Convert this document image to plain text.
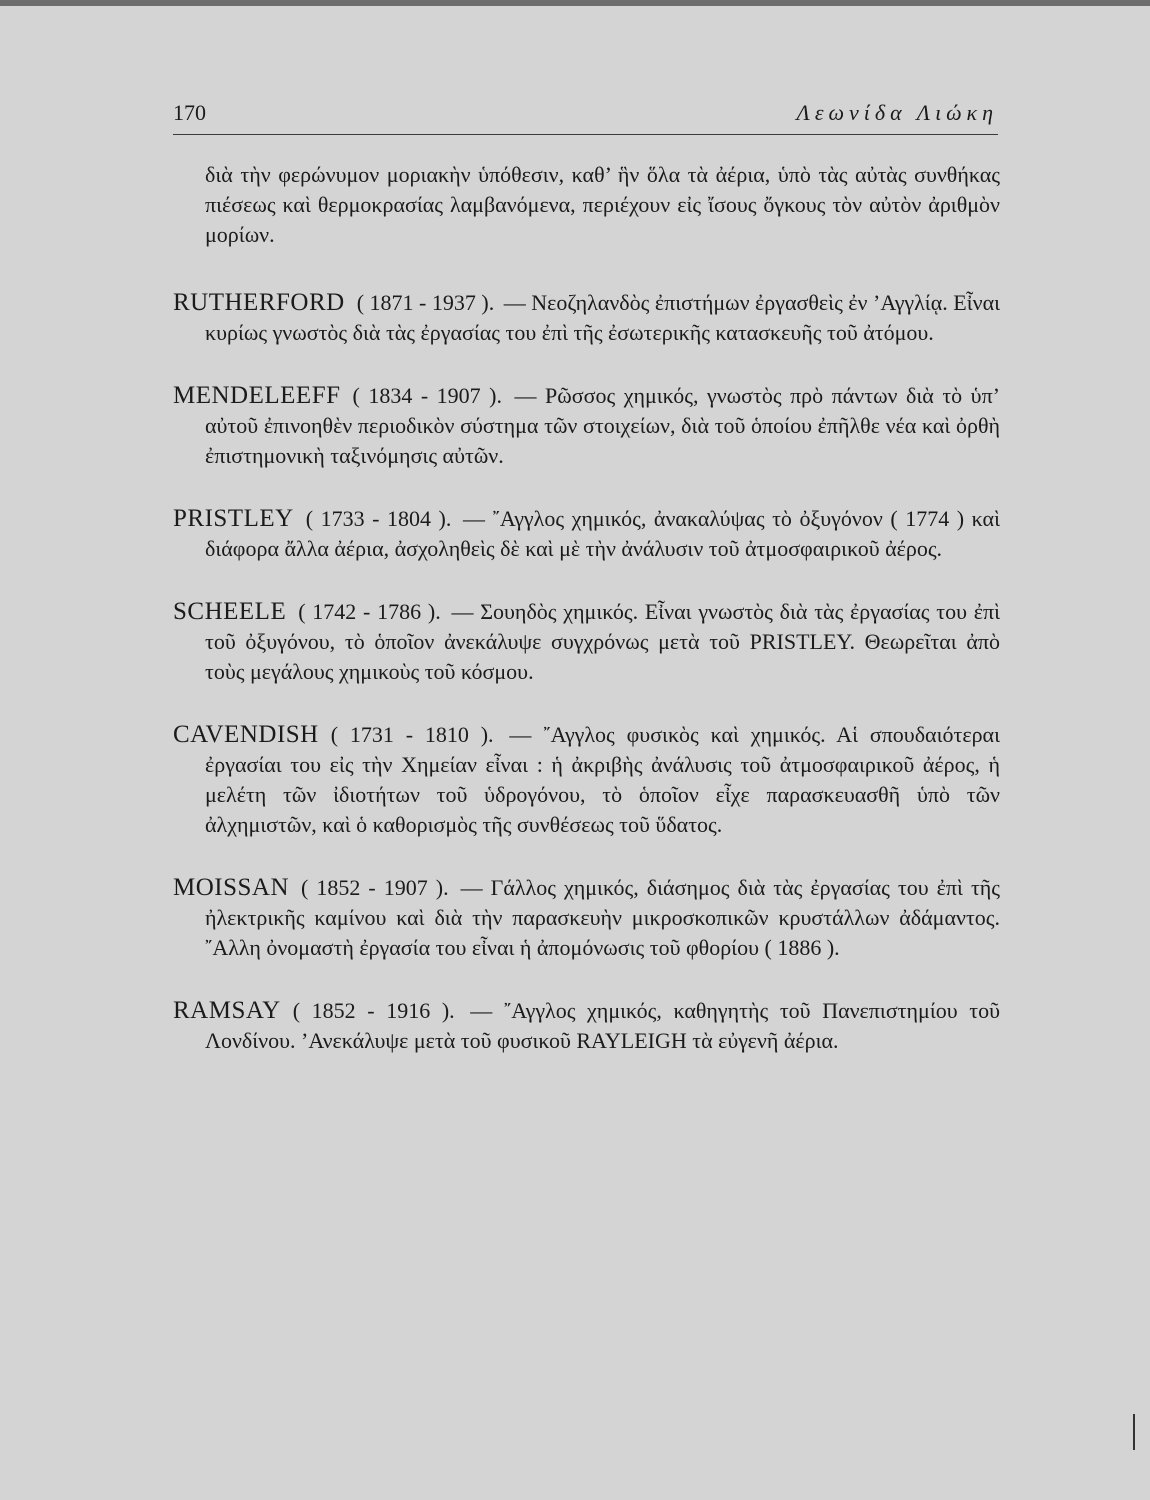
170	Λεωνίδα Λιώκη

διὰ τὴν φερώνυμον μοριακὴν ὑπόθεσιν, καθ’ ἣν ὅλα τὰ ἀέρια, ὑπὸ τὰς αὐτὰς συνθήκας πιέσεως καὶ θερμοκρασίας λαμβανόμενα, περιέχουν εἰς ἴσους ὄγκους τὸν αὐτὸν ἀριθμὸν μορίων.

RUTHERFORD ( 1871 - 1937 ). — Νεοζηλανδὸς ἐπιστήμων ἐργασθεὶς ἐν ’Αγγλίᾳ. Εἶναι κυρίως γνωστὸς διὰ τὰς ἐργασίας του ἐπὶ τῆς ἐσωτερικῆς κατασκευῆς τοῦ ἀτόμου.

MENDELEEFF ( 1834 - 1907 ). — Ρῶσσος χημικός, γνωστὸς πρὸ πάντων διὰ τὸ ὑπ’ αὐτοῦ ἐπινοηθὲν περιοδικὸν σύστημα τῶν στοιχείων, διὰ τοῦ ὁποίου ἐπῆλθε νέα καὶ ὀρθὴ ἐπιστημονικὴ ταξινόμησις αὐτῶν.

PRISTLEY ( 1733 - 1804 ). — ῎Αγγλος χημικός, ἀνακαλύψας τὸ ὀξυγόνον ( 1774 ) καὶ διάφορα ἄλλα ἀέρια, ἀσχοληθεὶς δὲ καὶ μὲ τὴν ἀνάλυσιν τοῦ ἀτμοσφαιρικοῦ ἀέρος.

SCHEELE ( 1742 - 1786 ). — Σουηδὸς χημικός. Εἶναι γνωστὸς διὰ τὰς ἐργασίας του ἐπὶ τοῦ ὀξυγόνου, τὸ ὁποῖον ἀνεκάλυψε συγχρόνως μετὰ τοῦ PRISTLEY. Θεωρεῖται ἀπὸ τοὺς μεγάλους χημικοὺς τοῦ κόσμου.

CAVENDISH ( 1731 - 1810 ). — ῎Αγγλος φυσικὸς καὶ χημικός. Αἱ σπουδαιότεραι ἐργασίαι του εἰς τὴν Χημείαν εἶναι : ἡ ἀκριβὴς ἀνάλυσις τοῦ ἀτμοσφαιρικοῦ ἀέρος, ἡ μελέτη τῶν ἰδιοτήτων τοῦ ὑδρογόνου, τὸ ὁποῖον εἶχε παρασκευασθῆ ὑπὸ τῶν ἀλχημιστῶν, καὶ ὁ καθορισμὸς τῆς συνθέσεως τοῦ ὕδατος.

MOISSAN ( 1852 - 1907 ). — Γάλλος χημικός, διάσημος διὰ τὰς ἐργασίας του ἐπὶ τῆς ἠλεκτρικῆς καμίνου καὶ διὰ τὴν παρασκευὴν μικροσκοπικῶν κρυστάλλων ἀδάμαντος. ῎Αλλη ὀνομαστὴ ἐργασία του εἶναι ἡ ἀπομόνωσις τοῦ φθορίου ( 1886 ).

RAMSAY ( 1852 - 1916 ). — ῎Αγγλος χημικός, καθηγητὴς τοῦ Πανεπιστημίου τοῦ Λονδίνου. ’Ανεκάλυψε μετὰ τοῦ φυσικοῦ RAYLEIGH τὰ εὐγενῆ ἀέρια.
